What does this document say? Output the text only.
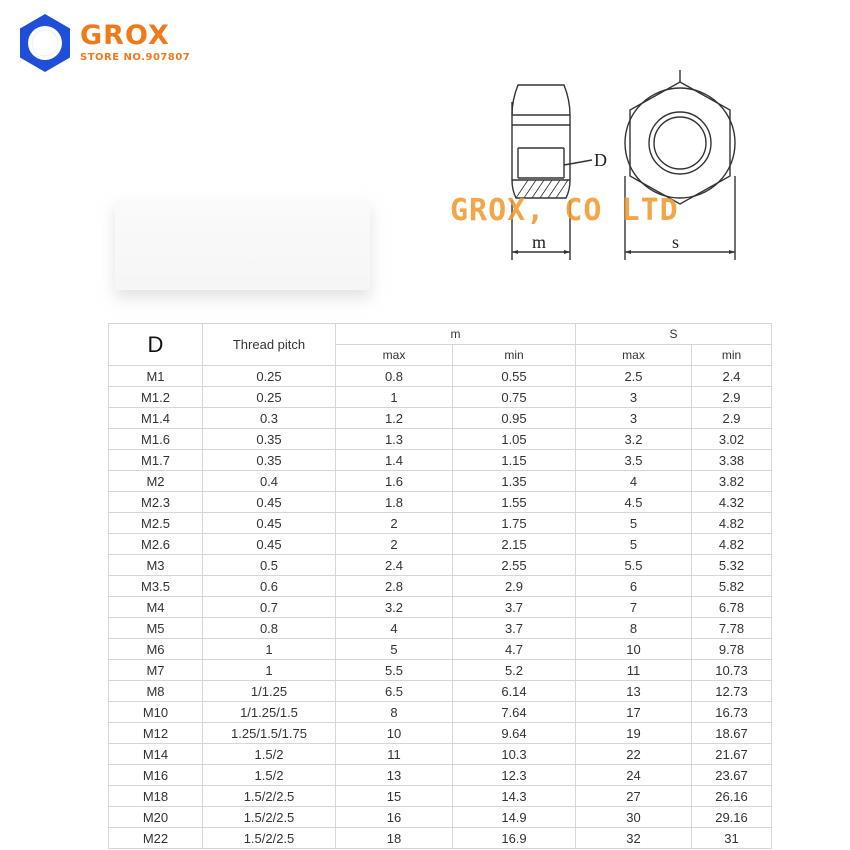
GROX
STORE NO.907807
D
m	s
GROX, CO LTD
D	Thread pitch	m		S	
		max	min	max	min
M1	0.25	0.8	0.55	2.5	2.4
M1.2	0.25	1	0.75	3	2.9
M1.4	0.3	1.2	0.95	3	2.9
M1.6	0.35	1.3	1.05	3.2	3.02
M1.7	0.35	1.4	1.15	3.5	3.38
M2	0.4	1.6	1.35	4	3.82
M2.3	0.45	1.8	1.55	4.5	4.32
M2.5	0.45	2	1.75	5	4.82
M2.6	0.45	2	2.15	5	4.82
M3	0.5	2.4	2.55	5.5	5.32
M3.5	0.6	2.8	2.9	6	5.82
M4	0.7	3.2	3.7	7	6.78
M5	0.8	4	3.7	8	7.78
M6	1	5	4.7	10	9.78
M7	1	5.5	5.2	11	10.73
M8	1/1.25	6.5	6.14	13	12.73
M10	1/1.25/1.5	8	7.64	17	16.73
M12	1.25/1.5/1.75	10	9.64	19	18.67
M14	1.5/2	11	10.3	22	21.67
M16	1.5/2	13	12.3	24	23.67
M18	1.5/2/2.5	15	14.3	27	26.16
M20	1.5/2/2.5	16	14.9	30	29.16
M22	1.5/2/2.5	18	16.9	32	31
